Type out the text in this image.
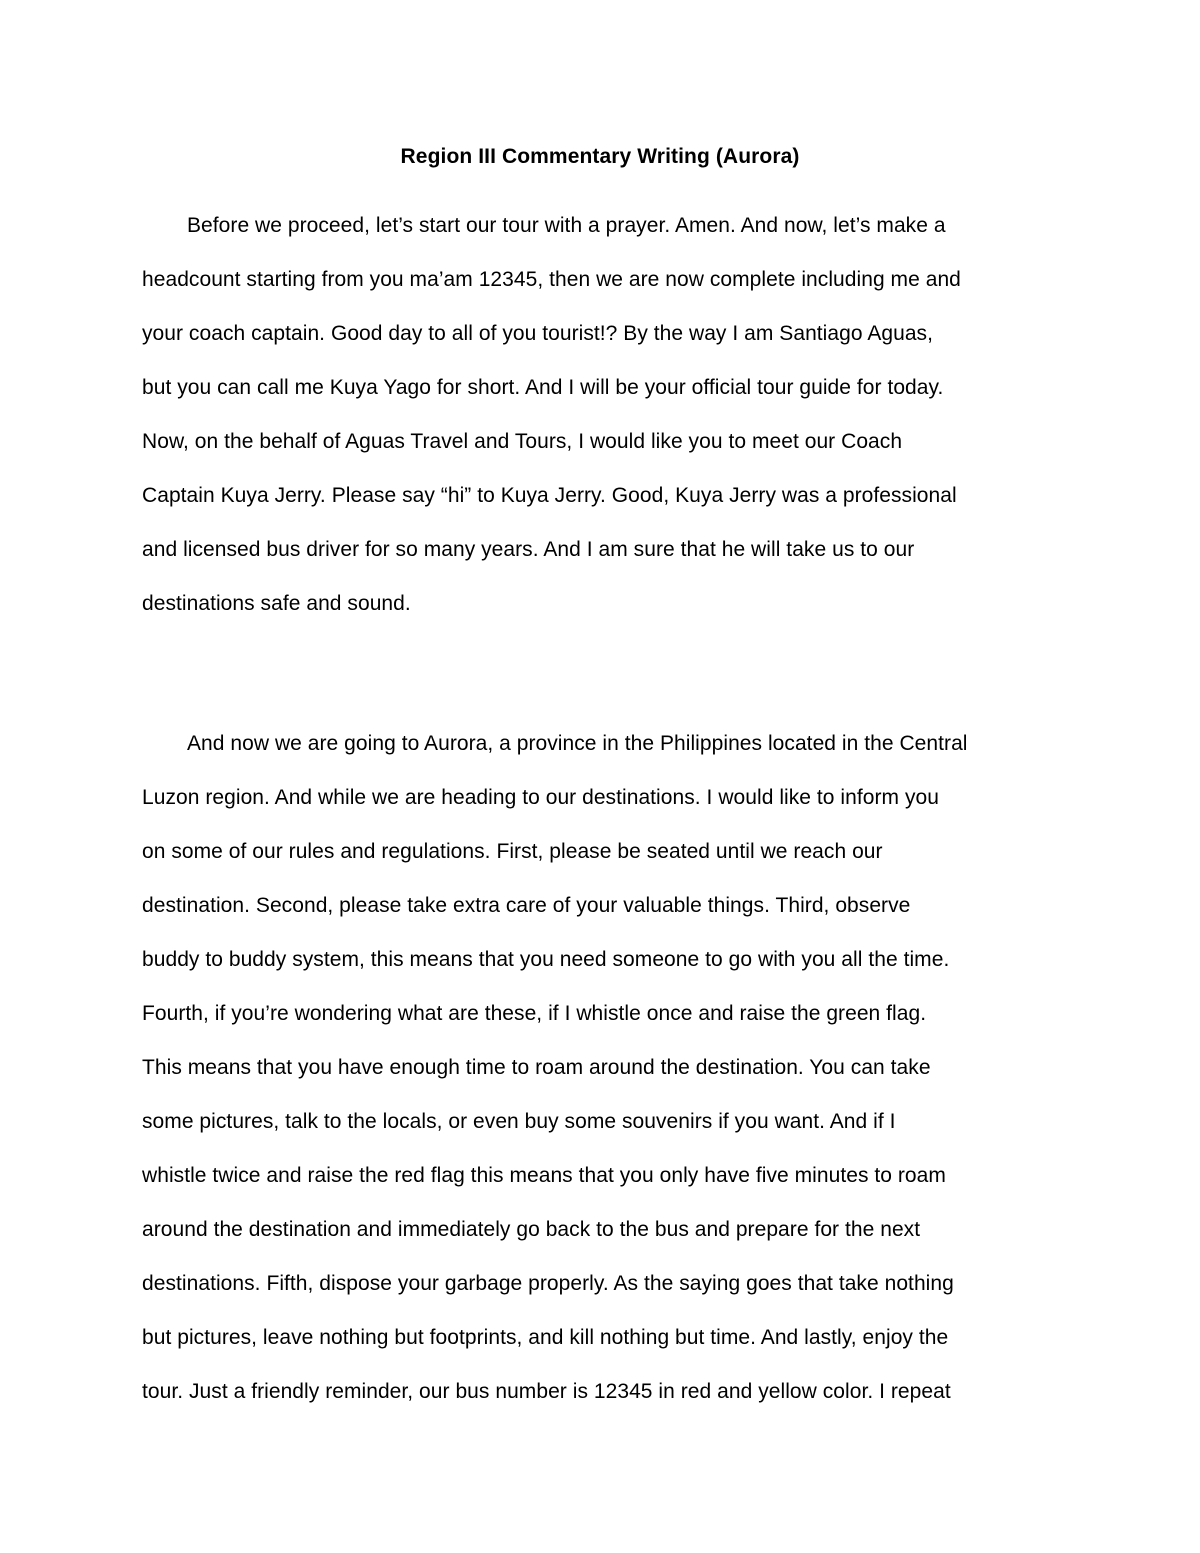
Region III Commentary Writing (Aurora)
Before we proceed, let’s start our tour with a prayer. Amen. And now, let’s make a
headcount starting from you ma’am 12345, then we are now complete including me and
your coach captain. Good day to all of you tourist!? By the way I am Santiago Aguas,
but you can call me Kuya Yago for short. And I will be your official tour guide for today.
Now, on the behalf of Aguas Travel and Tours, I would like you to meet our Coach
Captain Kuya Jerry. Please say “hi” to Kuya Jerry. Good, Kuya Jerry was a professional
and licensed bus driver for so many years. And I am sure that he will take us to our
destinations safe and sound.
And now we are going to Aurora, a province in the Philippines located in the Central
Luzon region. And while we are heading to our destinations. I would like to inform you
on some of our rules and regulations. First, please be seated until we reach our
destination. Second, please take extra care of your valuable things. Third, observe
buddy to buddy system, this means that you need someone to go with you all the time.
Fourth, if you’re wondering what are these, if I whistle once and raise the green flag.
This means that you have enough time to roam around the destination. You can take
some pictures, talk to the locals, or even buy some souvenirs if you want. And if I
whistle twice and raise the red flag this means that you only have five minutes to roam
around the destination and immediately go back to the bus and prepare for the next
destinations. Fifth, dispose your garbage properly. As the saying goes that take nothing
but pictures, leave nothing but footprints, and kill nothing but time. And lastly, enjoy the
tour. Just a friendly reminder, our bus number is 12345 in red and yellow color. I repeat
